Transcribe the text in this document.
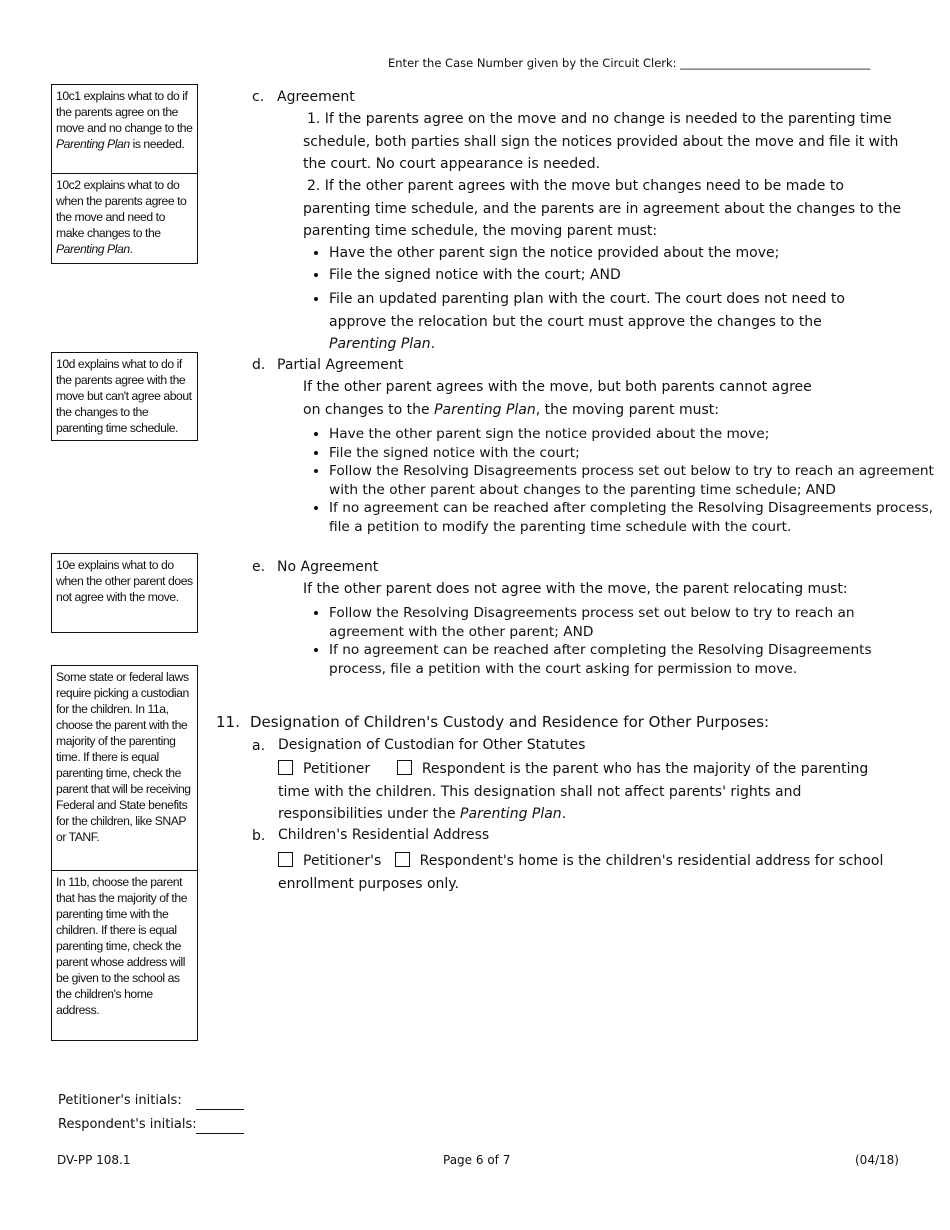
Enter the Case Number given by the Circuit Clerk: _________________________________
10c1 explains what to do if the parents agree on the move and no change to the Parenting Plan is needed.
10c2 explains what to do when the parents agree to the move and need to make changes to the Parenting Plan.
10d explains what to do if the parents agree with the move but can't agree about the changes to the parenting time schedule.
10e explains what to do when the other parent does not agree with the move.
Some state or federal laws require picking a custodian for the children. In 11a, choose the parent with the majority of the parenting time. If there is equal parenting time, check the parent that will be receiving Federal and State benefits for the children, like SNAP or TANF.
In 11b, choose the parent that has the majority of the parenting time with the children. If there is equal parenting time, check the parent whose address will be given to the school as the children's home address.
c. Agreement
1. If the parents agree on the move and no change is needed to the parenting time schedule, both parties shall sign the notices provided about the move and file it with the court. No court appearance is needed.
2. If the other parent agrees with the move but changes need to be made to parenting time schedule, and the parents are in agreement about the changes to the parenting time schedule, the moving parent must:
• Have the other parent sign the notice provided about the move;
• File the signed notice with the court; AND
• File an updated parenting plan with the court. The court does not need to approve the relocation but the court must approve the changes to the Parenting Plan.
d. Partial Agreement
If the other parent agrees with the move, but both parents cannot agree on changes to the Parenting Plan, the moving parent must:
• Have the other parent sign the notice provided about the move;
• File the signed notice with the court;
• Follow the Resolving Disagreements process set out below to try to reach an agreement with the other parent about changes to the parenting time schedule; AND
• If no agreement can be reached after completing the Resolving Disagreements process, file a petition to modify the parenting time schedule with the court.
e. No Agreement
If the other parent does not agree with the move, the parent relocating must:
• Follow the Resolving Disagreements process set out below to try to reach an agreement with the other parent; AND
• If no agreement can be reached after completing the Resolving Disagreements process, file a petition with the court asking for permission to move.
11. Designation of Children's Custody and Residence for Other Purposes:
a. Designation of Custodian for Other Statutes
Petitioner	Respondent is the parent who has the majority of the parenting time with the children. This designation shall not affect parents' rights and responsibilities under the Parenting Plan.
b. Children's Residential Address
Petitioner's	Respondent's home is the children's residential address for school enrollment purposes only.
Petitioner's initials:
Respondent's initials:
DV-PP 108.1	Page 6 of 7	(04/18)
